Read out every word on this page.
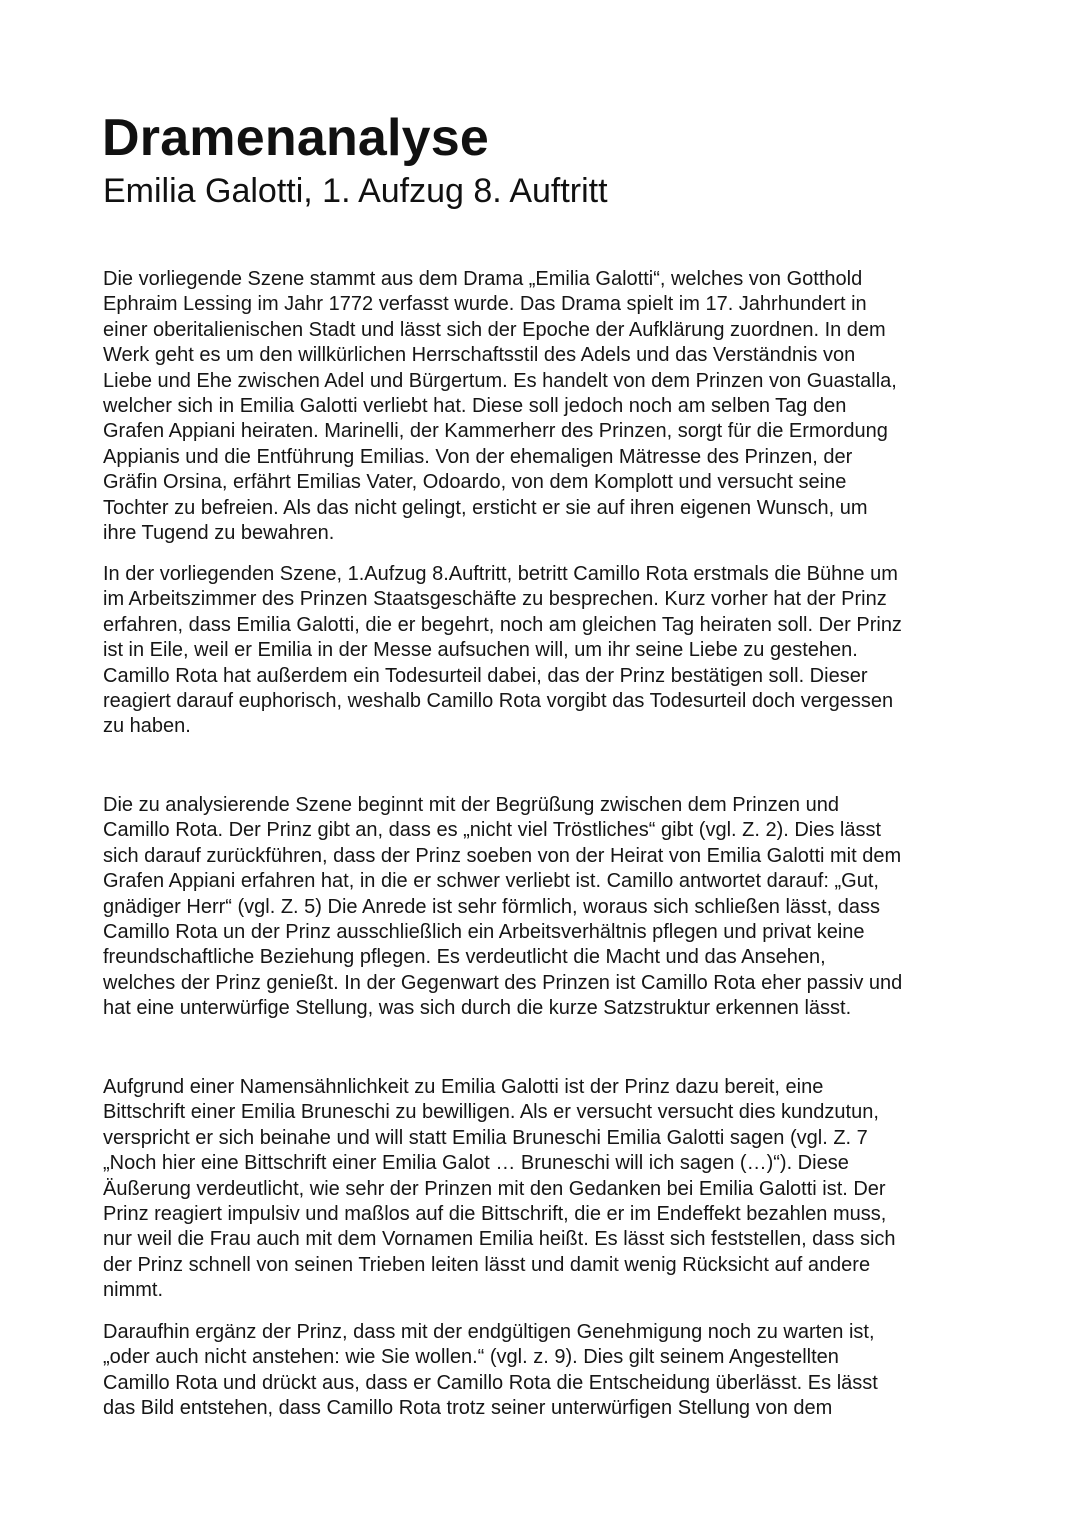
Dramenanalyse
Emilia Galotti, 1. Aufzug 8. Auftritt

Die vorliegende Szene stammt aus dem Drama „Emilia Galotti“, welches von Gotthold
Ephraim Lessing im Jahr 1772 verfasst wurde. Das Drama spielt im 17. Jahrhundert in
einer oberitalienischen Stadt und lässt sich der Epoche der Aufklärung zuordnen. In dem
Werk geht es um den willkürlichen Herrschaftsstil des Adels und das Verständnis von
Liebe und Ehe zwischen Adel und Bürgertum. Es handelt von dem Prinzen von Guastalla,
welcher sich in Emilia Galotti verliebt hat. Diese soll jedoch noch am selben Tag den
Grafen Appiani heiraten. Marinelli, der Kammerherr des Prinzen, sorgt für die Ermordung
Appianis und die Entführung Emilias. Von der ehemaligen Mätresse des Prinzen, der
Gräfin Orsina, erfährt Emilias Vater, Odoardo, von dem Komplott und versucht seine
Tochter zu befreien. Als das nicht gelingt, ersticht er sie auf ihren eigenen Wunsch, um
ihre Tugend zu bewahren.

In der vorliegenden Szene, 1.Aufzug 8.Auftritt, betritt Camillo Rota erstmals die Bühne um
im Arbeitszimmer des Prinzen Staatsgeschäfte zu besprechen. Kurz vorher hat der Prinz
erfahren, dass Emilia Galotti, die er begehrt, noch am gleichen Tag heiraten soll. Der Prinz
ist in Eile, weil er Emilia in der Messe aufsuchen will, um ihr seine Liebe zu gestehen.
Camillo Rota hat außerdem ein Todesurteil dabei, das der Prinz bestätigen soll. Dieser
reagiert darauf euphorisch, weshalb Camillo Rota vorgibt das Todesurteil doch vergessen
zu haben.

Die zu analysierende Szene beginnt mit der Begrüßung zwischen dem Prinzen und
Camillo Rota. Der Prinz gibt an, dass es „nicht viel Tröstliches“ gibt (vgl. Z. 2). Dies lässt
sich darauf zurückführen, dass der Prinz soeben von der Heirat von Emilia Galotti mit dem
Grafen Appiani erfahren hat, in die er schwer verliebt ist. Camillo antwortet darauf: „Gut,
gnädiger Herr“ (vgl. Z. 5) Die Anrede ist sehr förmlich, woraus sich schließen lässt, dass
Camillo Rota un der Prinz ausschließlich ein Arbeitsverhältnis pflegen und privat keine
freundschaftliche Beziehung pflegen. Es verdeutlicht die Macht und das Ansehen,
welches der Prinz genießt. In der Gegenwart des Prinzen ist Camillo Rota eher passiv und
hat eine unterwürfige Stellung, was sich durch die kurze Satzstruktur erkennen lässt.

Aufgrund einer Namensähnlichkeit zu Emilia Galotti ist der Prinz dazu bereit, eine
Bittschrift einer Emilia Bruneschi zu bewilligen. Als er versucht versucht dies kundzutun,
verspricht er sich beinahe und will statt Emilia Bruneschi Emilia Galotti sagen (vgl. Z. 7
„Noch hier eine Bittschrift einer Emilia Galot … Bruneschi will ich sagen (…)“). Diese
Äußerung verdeutlicht, wie sehr der Prinzen mit den Gedanken bei Emilia Galotti ist. Der
Prinz reagiert impulsiv und maßlos auf die Bittschrift, die er im Endeffekt bezahlen muss,
nur weil die Frau auch mit dem Vornamen Emilia heißt. Es lässt sich feststellen, dass sich
der Prinz schnell von seinen Trieben leiten lässt und damit wenig Rücksicht auf andere
nimmt.

Daraufhin ergänz der Prinz, dass mit der endgültigen Genehmigung noch zu warten ist,
„oder auch nicht anstehen: wie Sie wollen.“ (vgl. z. 9). Dies gilt seinem Angestellten
Camillo Rota und drückt aus, dass er Camillo Rota die Entscheidung überlässt. Es lässt
das Bild entstehen, dass Camillo Rota trotz seiner unterwürfigen Stellung von dem
